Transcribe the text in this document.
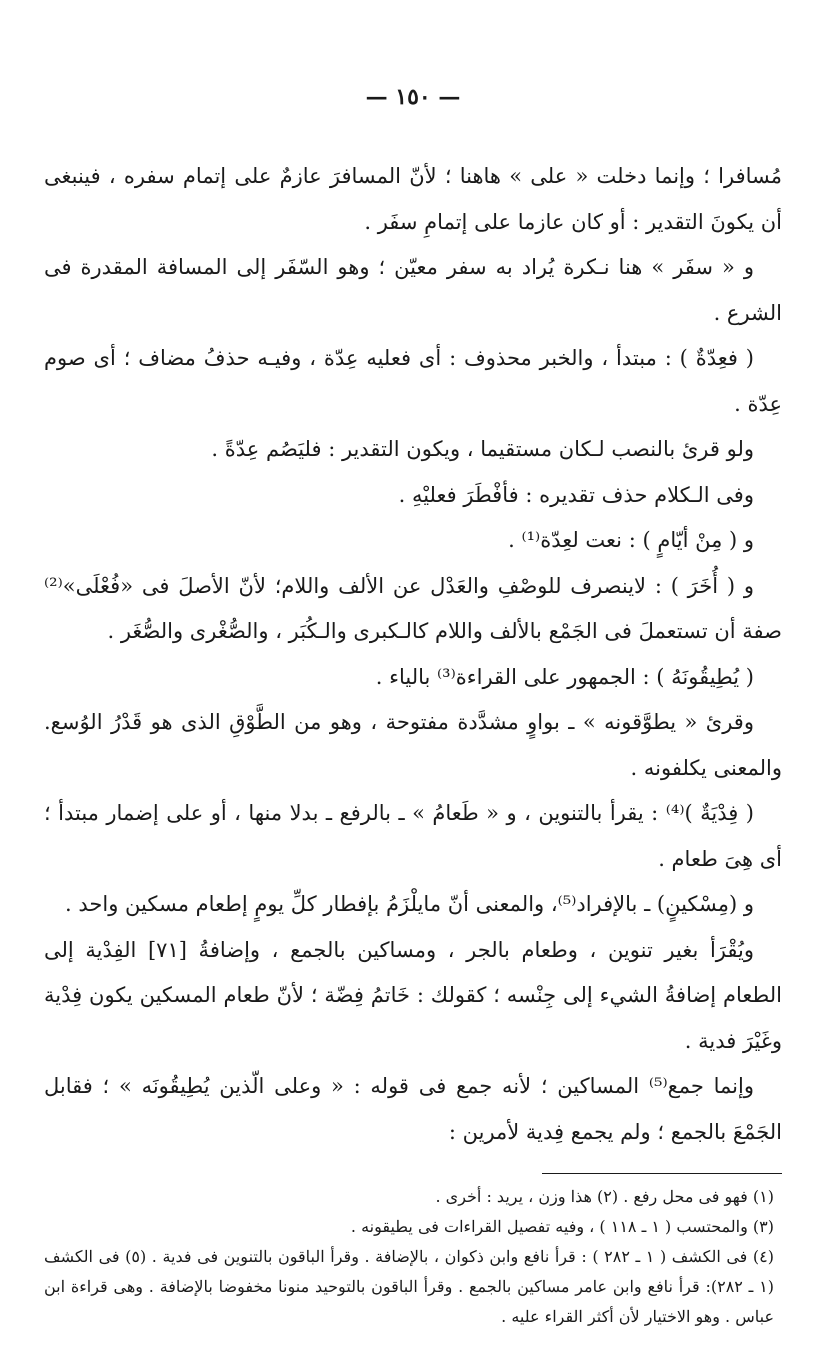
— ١٥٠ —

مُسافرا ؛ وإنما دخلت « على » هاهنا ؛ لأنّ المسافرَ عازمٌ على إتمام سفره ، فينبغى أن يكونَ التقدير : أو كان عازما على إتمامِ سفَر .

و « سفَر » هنا نـكرة يُراد به سفر معيّن ؛ وهو السّفَر إلى المسافة المقدرة فى الشرع .

( فعِدّةٌ ) : مبتدأ ، والخبر محذوف : أى فعليه عِدّة ، وفيـه حذفُ مضاف ؛ أى صوم عِدّة .

ولو قرئ بالنصب لـكان مستقيما ، ويكون التقدير : فليَصُم عِدّةً .

وفى الـكلام حذف تقديره : فأفْطَرَ فعليْهِ .

و ( مِنْ أيّامٍ ) : نعت لعِدّة⁽¹⁾ .

و ( أُخَرَ ) : لاينصرف للوصْفِ والعَدْل عن الألف واللام؛ لأنّ الأصلَ فى «فُعْلَى»⁽²⁾ صفة أن تستعملَ فى الجَمْع بالألف واللام كالـكبرى والـكُبَر ، والصُّغْرى والصُّغَر .

( يُطِيقُونَهُ ) : الجمهور على القراءة⁽³⁾ بالياء .

وقرئ « يطوَّقونه » ـ بواوٍ مشدَّدة مفتوحة ، وهو من الطَّوْقِ الذى هو قَدْرُ الوُسع. والمعنى يكلفونه .

( فِدْيَةٌ )⁽⁴⁾ : يقرأ بالتنوين ، و « طَعامُ » ـ بالرفع ـ بدلا منها ، أو على إضمار مبتدأ ؛ أى هِىَ طعام .

و (مِسْكينٍ) ـ بالإفراد⁽⁵⁾، والمعنى أنّ مايلْزَمُ بإفطار كلِّ يومٍ إطعام مسكين واحد .

ويُقْرَأ بغير تنوين ، وطعام بالجر ، ومساكين بالجمع ، وإضافةُ [٧١] الفِدْية إلى الطعام إضافةُ الشيء إلى جِنْسه ؛ كقولك : خَاتمُ فِضّة ؛ لأنّ طعام المسكين يكون فِدْية وغَيْرَ فدية .

وإنما جمع⁽⁵⁾ المساكين ؛ لأنه جمع فى قوله : « وعلى الّذين يُطِيقُونَه » ؛ فقابل الجَمْعَ بالجمع ؛ ولم يجمع فِدية لأمرين :

(١) فهو فى محل رفع . (٢) هذا وزن ، يريد : أخرى .

(٣) والمحتسب ( ١ ـ ١١٨ ) ، وفيه تفصيل القراءات فى يطيقونه .

(٤) فى الكشف ( ١ ـ ٢٨٢ ) : قرأ نافع وابن ذكوان ، بالإضافة . وقرأ الباقون بالتنوين فى فدية . (٥) فى الكشف (١ ـ ٢٨٢): قرأ نافع وابن عامر مساكين بالجمع . وقرأ الباقون بالتوحيد منونا مخفوضا بالإضافة . وهى قراءة ابن عباس . وهو الاختيار لأن أكثر القراء عليه .
